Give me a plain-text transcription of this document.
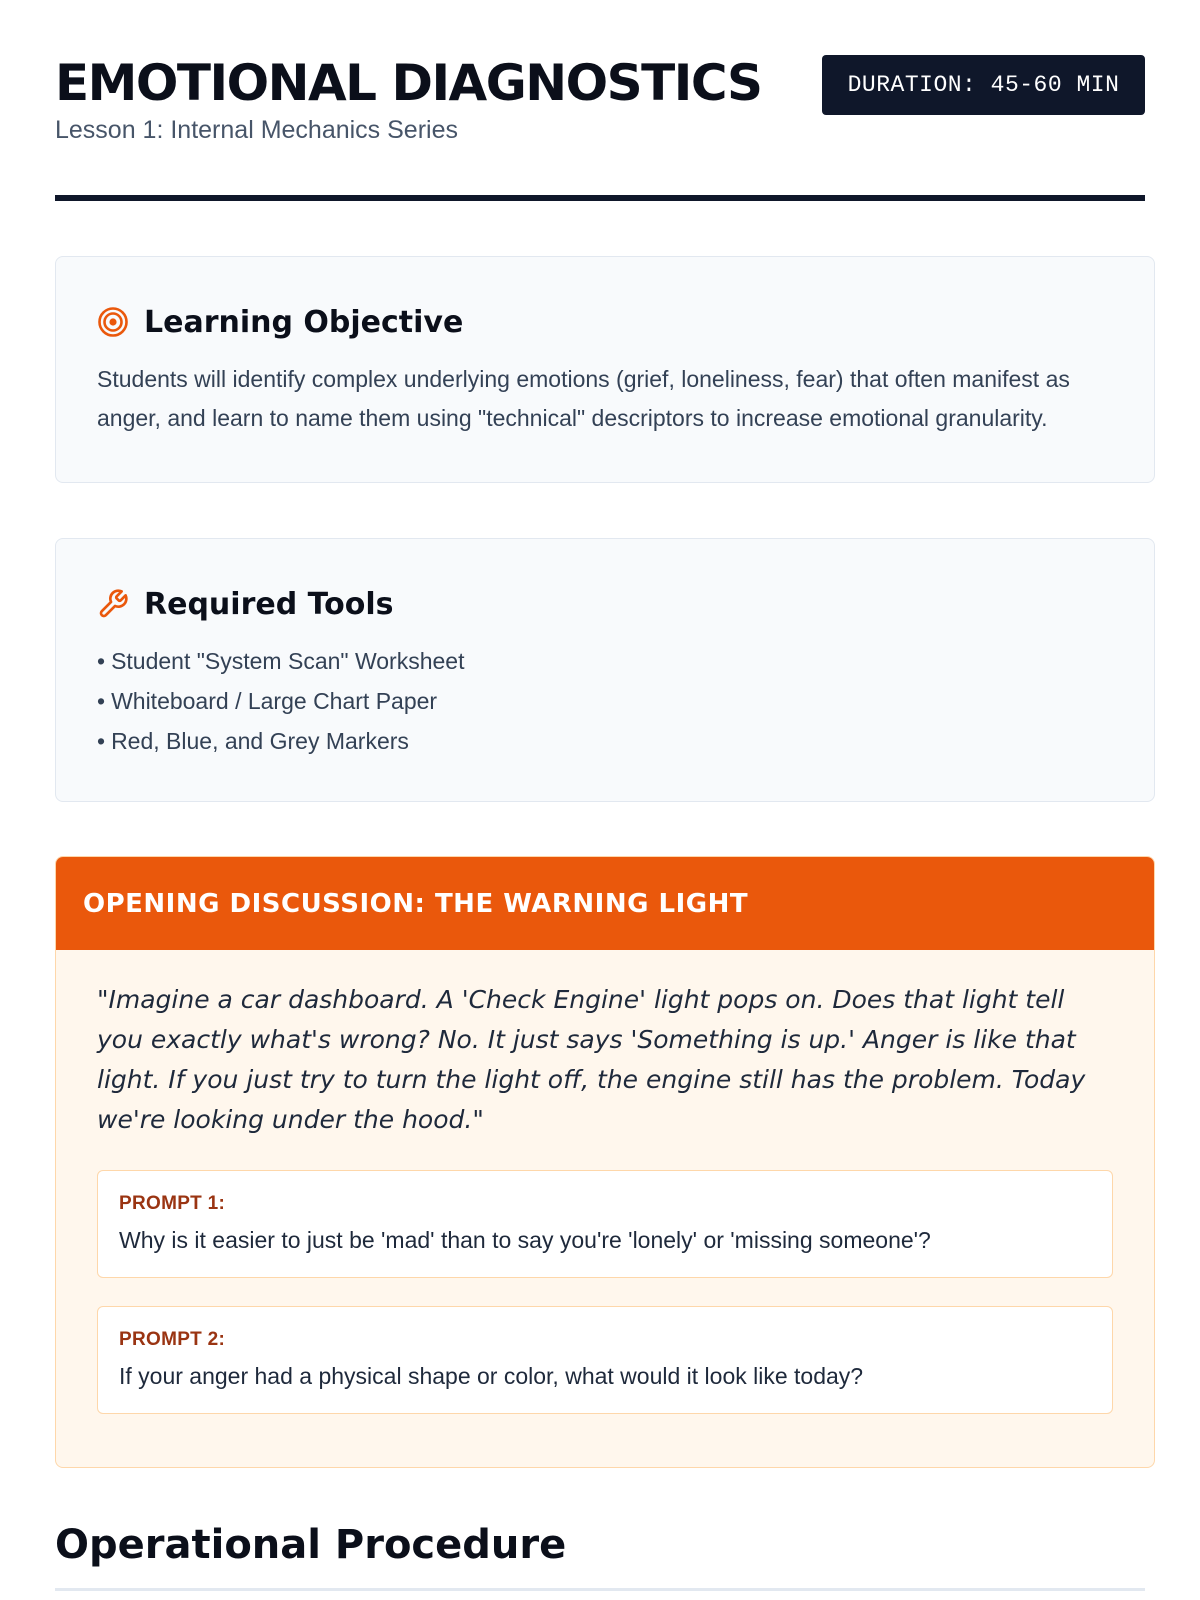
EMOTIONAL DIAGNOSTICS
Lesson 1: Internal Mechanics Series
DURATION: 45-60 MIN
Learning Objective
Students will identify complex underlying emotions (grief, loneliness, fear) that often manifest as anger, and learn to name them using "technical" descriptors to increase emotional granularity.
Required Tools
• Student "System Scan" Worksheet
• Whiteboard / Large Chart Paper
• Red, Blue, and Grey Markers
OPENING DISCUSSION: THE WARNING LIGHT

"Imagine a car dashboard. A 'Check Engine' light pops on. Does that light tell you exactly what's wrong? No. It just says 'Something is up.' Anger is like that light. If you just try to turn the light off, the engine still has the problem. Today we're looking under the hood."

PROMPT 1:
Why is it easier to just be 'mad' than to say you're 'lonely' or 'missing someone'?
PROMPT 2:
If your anger had a physical shape or color, what would it look like today?
Operational Procedure
